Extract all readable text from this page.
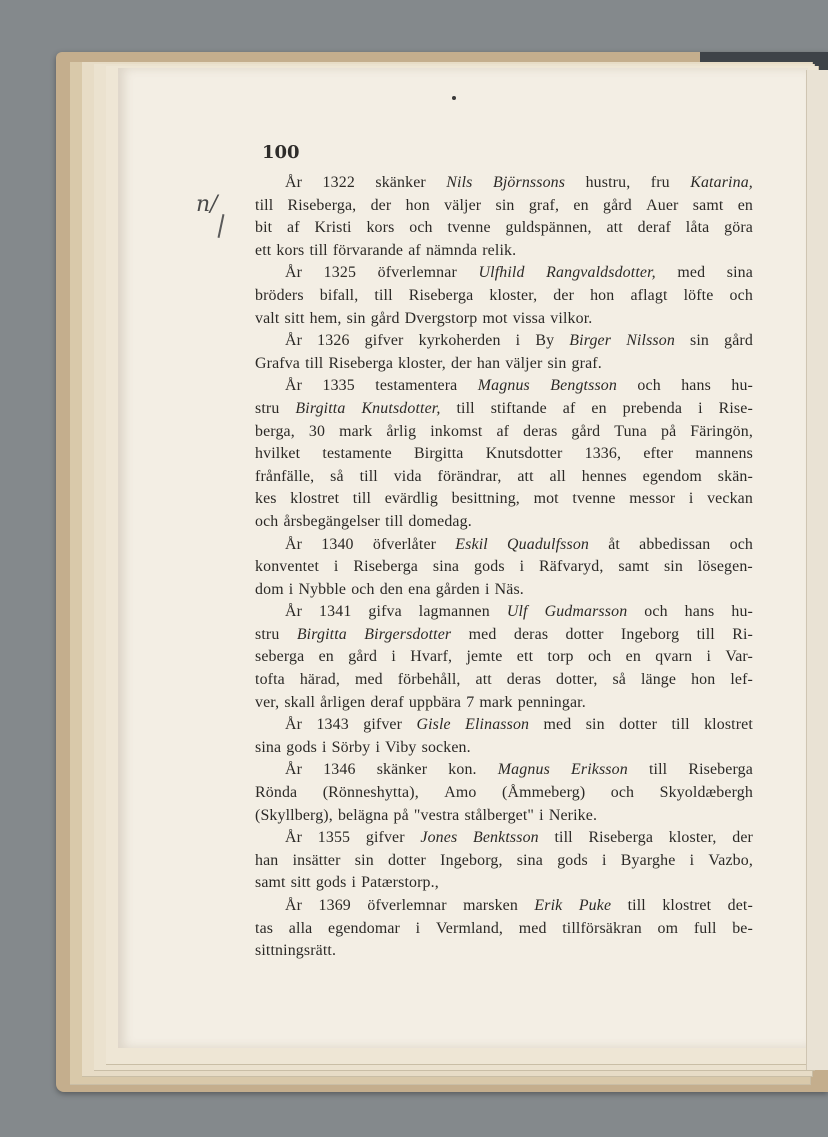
100
n/
År 1322 skänker Nils Björnssons hustru, fru Katarina,
till Riseberga, der hon väljer sin graf, en gård Auer samt en
bit af Kristi kors och tvenne guldspännen, att deraf låta göra
ett kors till förvarande af nämnda relik.
År 1325 öfverlemnar Ulfhild Rangvaldsdotter, med sina
bröders bifall, till Riseberga kloster, der hon aflagt löfte och
valt sitt hem, sin gård Dvergstorp mot vissa vilkor.
År 1326 gifver kyrkoherden i By Birger Nilsson sin gård
Grafva till Riseberga kloster, der han väljer sin graf.
År 1335 testamentera Magnus Bengtsson och hans hu-
stru Birgitta Knutsdotter, till stiftande af en prebenda i Rise-
berga, 30 mark årlig inkomst af deras gård Tuna på Färingön,
hvilket testamente Birgitta Knutsdotter 1336, efter mannens
frånfälle, så till vida förändrar, att all hennes egendom skän-
kes klostret till evärdlig besittning, mot tvenne messor i veckan
och årsbegängelser till domedag.
År 1340 öfverlåter Eskil Quadulfsson åt abbedissan och
konventet i Riseberga sina gods i Räfvaryd, samt sin lösegen-
dom i Nybble och den ena gården i Näs.
År 1341 gifva lagmannen Ulf Gudmarsson och hans hu-
stru Birgitta Birgersdotter med deras dotter Ingeborg till Ri-
seberga en gård i Hvarf, jemte ett torp och en qvarn i Var-
tofta härad, med förbehåll, att deras dotter, så länge hon lef-
ver, skall årligen deraf uppbära 7 mark penningar.
År 1343 gifver Gisle Elinasson med sin dotter till klostret
sina gods i Sörby i Viby socken.
År 1346 skänker kon. Magnus Eriksson till Riseberga
Rönda (Rönneshytta), Amo (Åmmeberg) och Skyoldæbergh
(Skyllberg), belägna på "vestra stålberget" i Nerike.
År 1355 gifver Jones Benktsson till Riseberga kloster, der
han insätter sin dotter Ingeborg, sina gods i Byarghe i Vazbo,
samt sitt gods i Patærstorp.,
År 1369 öfverlemnar marsken Erik Puke till klostret det-
tas alla egendomar i Vermland, med tillförsäkran om full be-
sittningsrätt.
